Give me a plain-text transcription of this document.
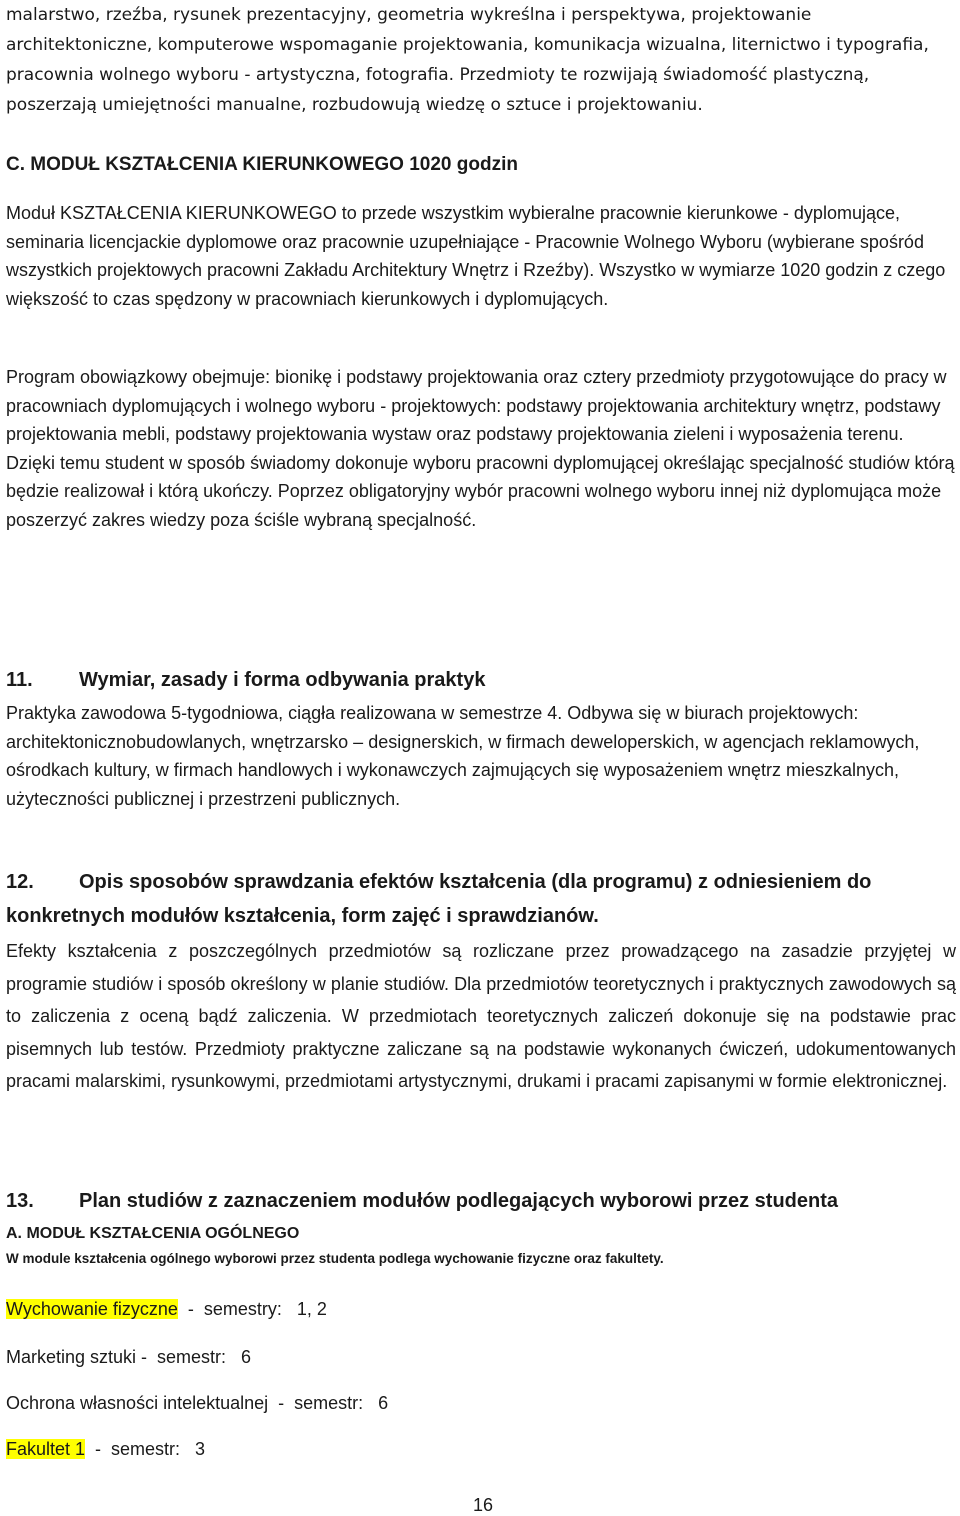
malarstwo, rzeźba, rysunek prezentacyjny, geometria wykreślna i perspektywa, projektowanie architektoniczne, komputerowe wspomaganie projektowania, komunikacja wizualna, liternictwo i typografia, pracownia wolnego wyboru - artystyczna, fotografia. Przedmioty te rozwijają świadomość plastyczną, poszerzają umiejętności manualne, rozbudowują wiedzę o sztuce i projektowaniu.

C. MODUŁ KSZTAŁCENIA KIERUNKOWEGO 1020 godzin

Moduł KSZTAŁCENIA KIERUNKOWEGO to przede wszystkim wybieralne pracownie kierunkowe - dyplomujące, seminaria licencjackie dyplomowe oraz pracownie uzupełniające - Pracownie Wolnego Wyboru (wybierane spośród wszystkich projektowych pracowni Zakładu Architektury Wnętrz i Rzeźby). Wszystko w wymiarze 1020 godzin z czego większość to czas spędzony w pracowniach kierunkowych i dyplomujących.

Program obowiązkowy obejmuje: bionikę i podstawy projektowania oraz cztery przedmioty przygotowujące do pracy w pracowniach dyplomujących i wolnego wyboru - projektowych: podstawy projektowania architektury wnętrz, podstawy projektowania mebli, podstawy projektowania wystaw oraz podstawy projektowania zieleni i wyposażenia terenu. Dzięki temu student w sposób świadomy dokonuje wyboru pracowni dyplomującej określając specjalność studiów którą będzie realizował i którą ukończy. Poprzez obligatoryjny wybór pracowni wolnego wyboru innej niż dyplomująca może poszerzyć zakres wiedzy poza ściśle wybraną specjalność.

11. Wymiar, zasady i forma odbywania praktyk

Praktyka zawodowa 5-tygodniowa, ciągła realizowana w semestrze 4. Odbywa się w biurach projektowych: architektonicznobudowlanych, wnętrzarsko – designerskich, w firmach deweloperskich, w agencjach reklamowych, ośrodkach kultury, w firmach handlowych i wykonawczych zajmujących się wyposażeniem wnętrz mieszkalnych, użyteczności publicznej i przestrzeni publicznych.

12. Opis sposobów sprawdzania efektów kształcenia (dla programu) z odniesieniem do konkretnych modułów kształcenia, form zajęć i sprawdzianów.

Efekty kształcenia z poszczególnych przedmiotów są rozliczane przez prowadzącego na zasadzie przyjętej w programie studiów i sposób określony w planie studiów. Dla przedmiotów teoretycznych i praktycznych zawodowych są to zaliczenia z oceną bądź zaliczenia. W przedmiotach teoretycznych zaliczeń dokonuje się na podstawie prac pisemnych lub testów. Przedmioty praktyczne zaliczane są na podstawie wykonanych ćwiczeń, udokumentowanych pracami malarskimi, rysunkowymi, przedmiotami artystycznymi, drukami i pracami zapisanymi w formie elektronicznej.

13. Plan studiów z zaznaczeniem modułów podlegających wyborowi przez studenta

A. MODUŁ KSZTAŁCENIA OGÓLNEGO

W module kształcenia ogólnego wyborowi przez studenta podlega wychowanie fizyczne oraz fakultety.

Wychowanie fizyczne  -  semestry:   1, 2

Marketing sztuki -  semestr:   6

Ochrona własności intelektualnej  -  semestr:   6

Fakultet 1  -  semestr:   3

16
